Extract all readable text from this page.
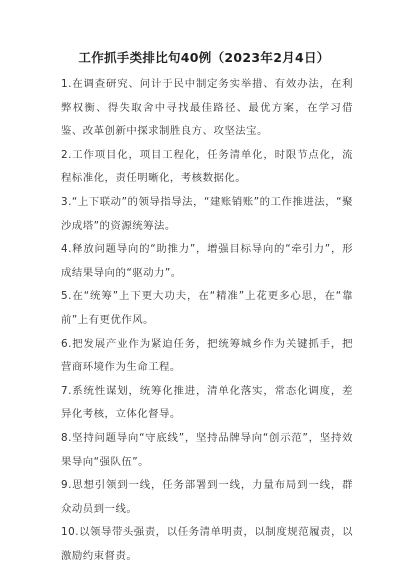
工作抓手类排比句40例（2023年2月4日）
1.在调查研究、问计于民中制定务实举措、有效办法，在利弊权衡、得失取舍中寻找最佳路径、最优方案，在学习借鉴、改革创新中探求制胜良方、攻坚法宝。
2.工作项目化，项目工程化，任务清单化，时限节点化，流程标准化，责任明晰化，考核数据化。
3.“上下联动”的领导指导法，“建账销账”的工作推进法，“聚沙成塔”的资源统筹法。
4.释放问题导向的“助推力”，增强目标导向的“牵引力”，形成结果导向的“驱动力”。
5.在“统筹”上下更大功夫，在“精准”上花更多心思，在“靠前”上有更优作风。
6.把发展产业作为紧迫任务，把统筹城乡作为关键抓手，把营商环境作为生命工程。
7.系统性谋划，统筹化推进，清单化落实，常态化调度，差异化考核，立体化督导。
8.坚持问题导向“守底线”，坚持品牌导向“创示范”，坚持效果导向“强队伍”。
9.思想引领到一线，任务部署到一线，力量布局到一线，群众动员到一线。
10.以领导带头强责，以任务清单明责，以制度规范履责，以激励约束督责。
